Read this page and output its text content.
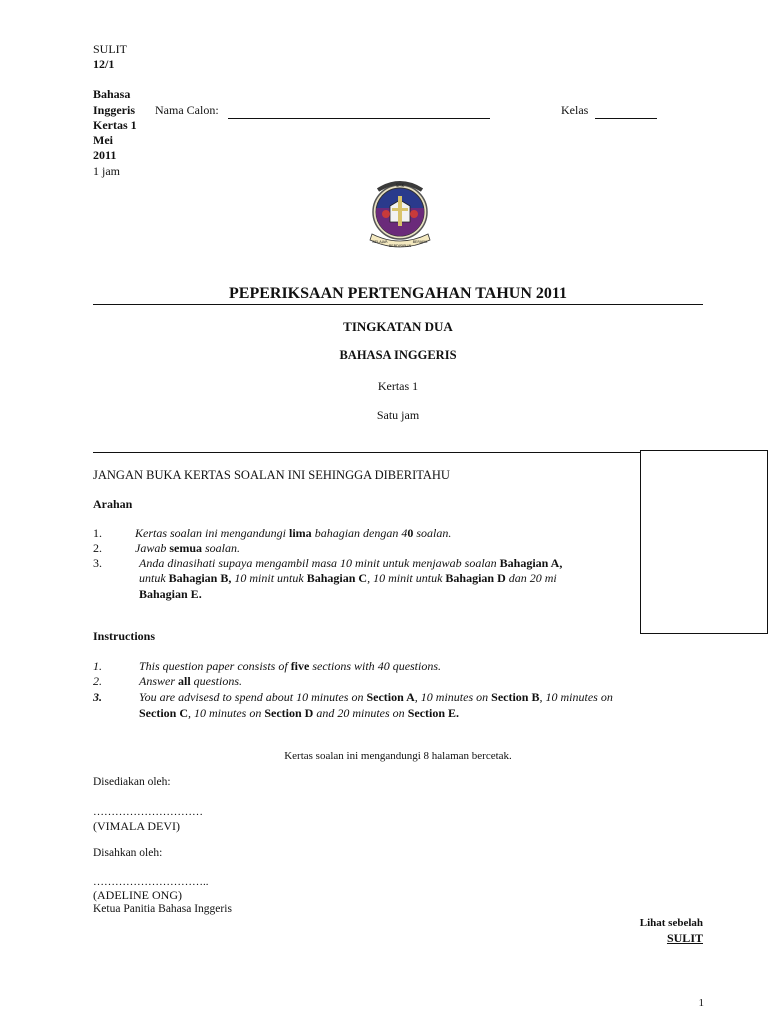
SULIT
12/1
Bahasa
Inggeris
Kertas 1
Mei
2011
1 jam
Nama Calon:	Kelas
SMK
BELAJAR
BERDISIPLIN
BERJAYA
PEPERIKSAAN PERTENGAHAN TAHUN 2011
TINGKATAN DUA
BAHASA INGGERIS
Kertas 1
Satu jam
JANGAN BUKA KERTAS SOALAN INI SEHINGGA DIBERITAHU
Arahan
1.	Kertas soalan ini mengandungi lima bahagian dengan 40 soalan.
2.	Jawab semua soalan.
3.	Anda dinasihati supaya mengambil masa 10 minit untuk menjawab soalan Bahagian A,
untuk Bahagian B, 10 minit untuk Bahagian C, 10 minit untuk Bahagian D dan 20 mi
Bahagian E.
Instructions
1.	This question paper consists of five sections with 40 questions.
2.	Answer all questions.
3.	You are advisesd to spend about 10 minutes on Section A, 10 minutes on Section B, 10 minutes on
Section C, 10 minutes on Section D and 20 minutes on Section E.
Kertas soalan ini mengandungi 8 halaman bercetak.
Disediakan oleh:
…………………………
(VIMALA DEVI)
Disahkan oleh:
…………………………..
(ADELINE ONG)
Ketua Panitia Bahasa Inggeris
Lihat sebelah
SULIT
1
